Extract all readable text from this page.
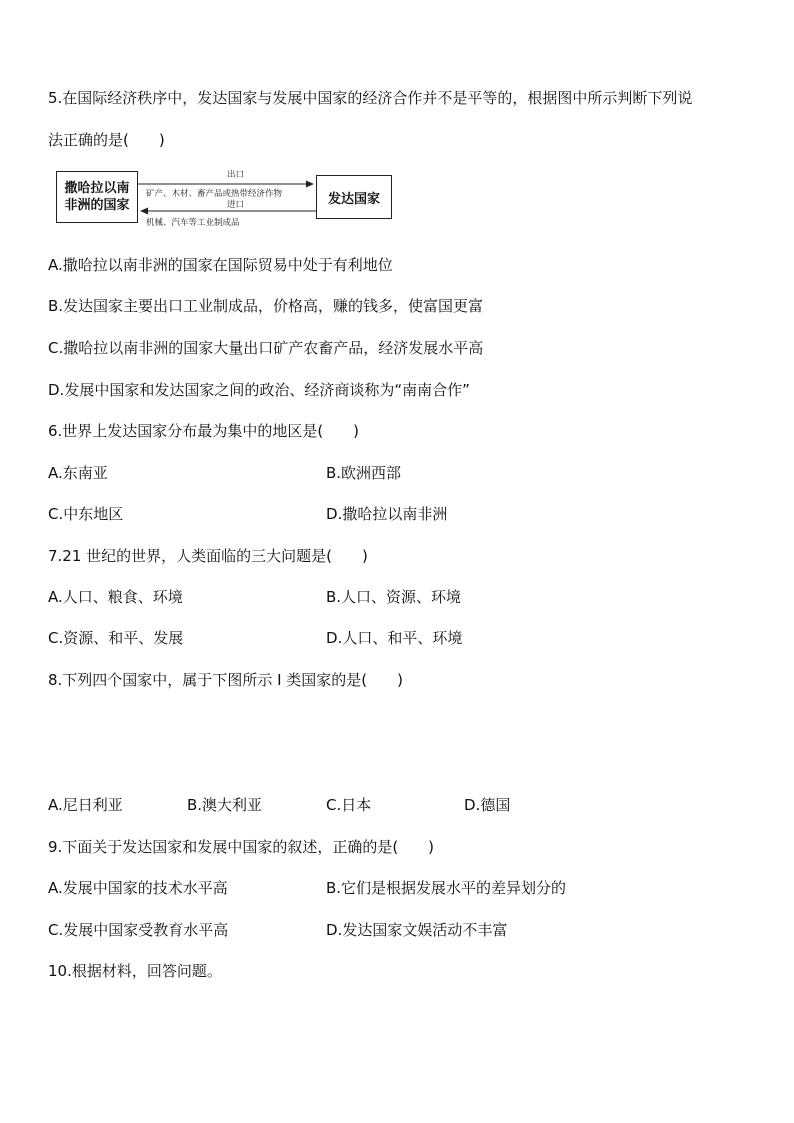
5.在国际经济秩序中，发达国家与发展中国家的经济合作并不是平等的，根据图中所示判断下列说
法正确的是(　　)
撒哈拉以南
非洲的国家	发达国家
出口
矿产、木材、畜产品或热带经济作物
进口
机械、汽车等工业制成品
A.撒哈拉以南非洲的国家在国际贸易中处于有利地位
B.发达国家主要出口工业制成品，价格高，赚的钱多，使富国更富
C.撒哈拉以南非洲的国家大量出口矿产农畜产品，经济发展水平高
D.发展中国家和发达国家之间的政治、经济商谈称为“南南合作”
6.世界上发达国家分布最为集中的地区是(　　)
A.东南亚	B.欧洲西部
C.中东地区	D.撒哈拉以南非洲
7.21 世纪的世界，人类面临的三大问题是(　　)
A.人口、粮食、环境	B.人口、资源、环境
C.资源、和平、发展	D.人口、和平、环境
8.下列四个国家中，属于下图所示 I 类国家的是(　　)
A.尼日利亚	B.澳大利亚	C.日本	D.德国
9.下面关于发达国家和发展中国家的叙述，正确的是(　　)
A.发展中国家的技术水平高	B.它们是根据发展水平的差异划分的
C.发展中国家受教育水平高	D.发达国家文娱活动不丰富
10.根据材料，回答问题。
